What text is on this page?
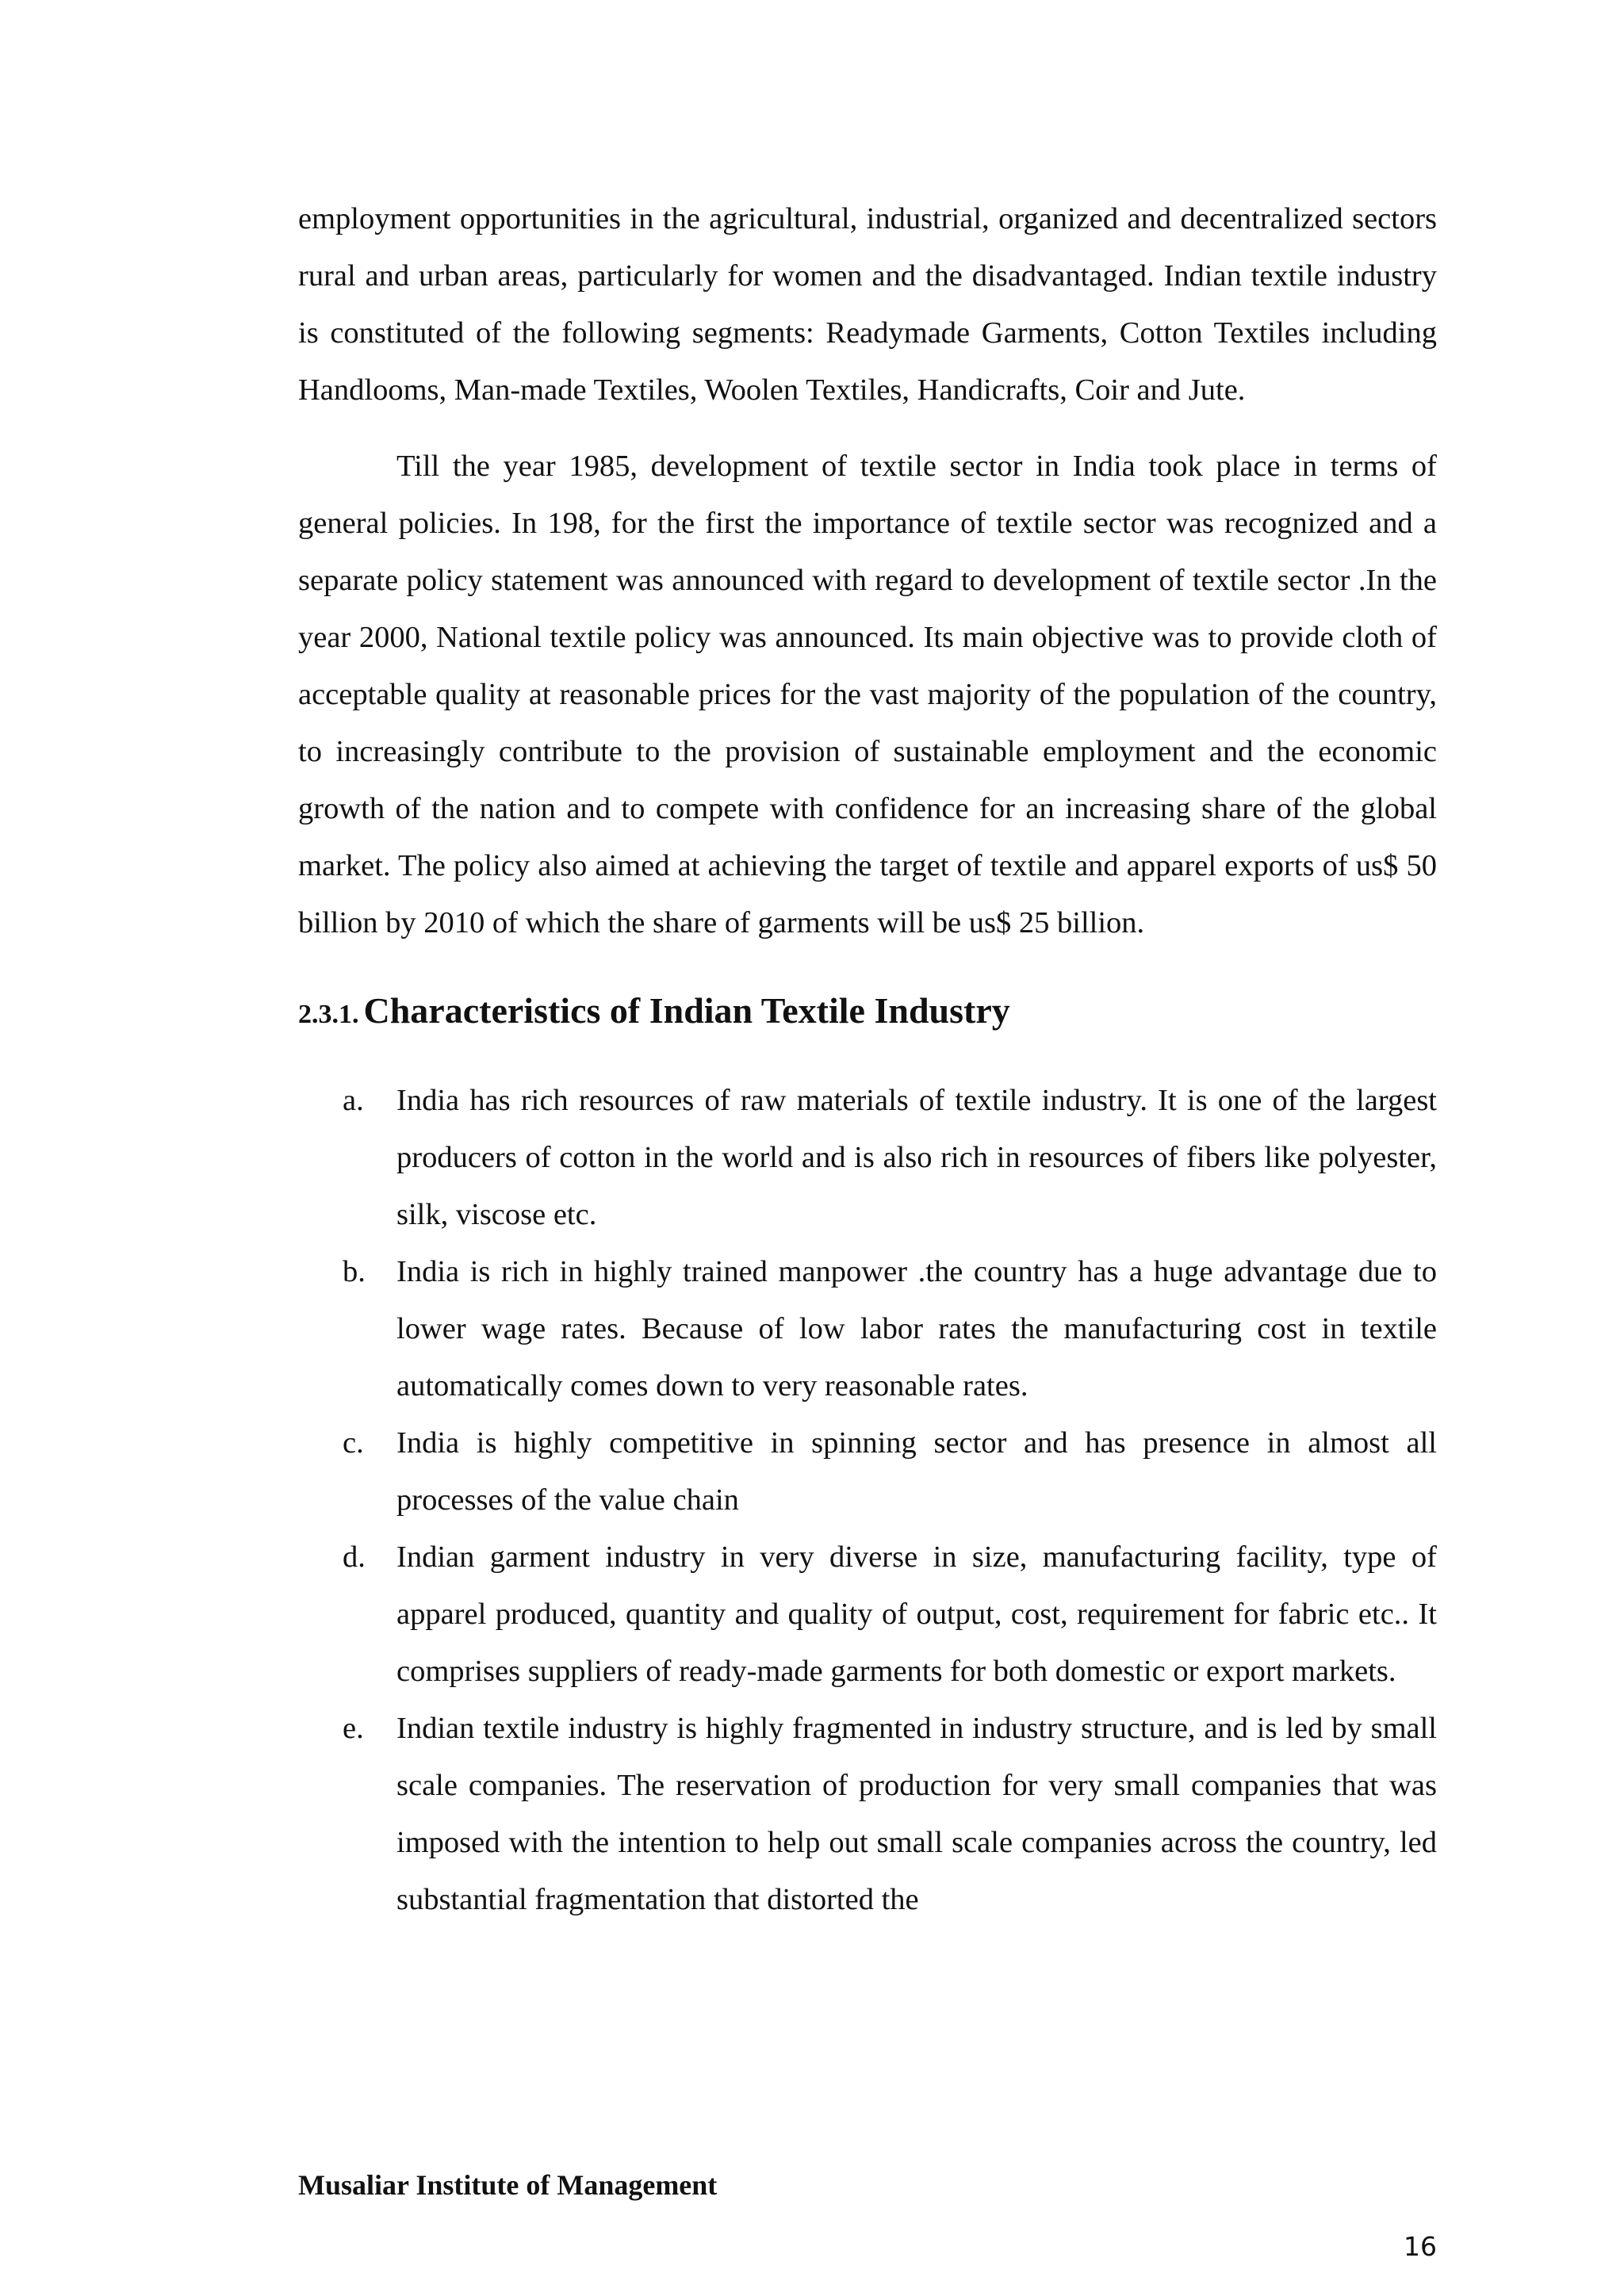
employment opportunities in the agricultural, industrial, organized and decentralized sectors rural and urban areas, particularly for women and the disadvantaged. Indian textile industry is constituted of the following segments: Readymade Garments, Cotton Textiles including Handlooms, Man-made Textiles, Woolen Textiles, Handicrafts, Coir and Jute.

Till the year 1985, development of textile sector in India took place in terms of general policies. In 198, for the first the importance of textile sector was recognized and a separate policy statement was announced with regard to development of textile sector .In the year 2000, National textile policy was announced. Its main objective was to provide cloth of acceptable quality at reasonable prices for the vast majority of the population of the country, to increasingly contribute to the provision of sustainable employment and the economic growth of the nation and to compete with confidence for an increasing share of the global market. The policy also aimed at achieving the target of textile and apparel exports of us$ 50 billion by 2010 of which the share of garments will be us$ 25 billion.

2.3.1. Characteristics of Indian Textile Industry
a. India has rich resources of raw materials of textile industry. It is one of the largest producers of cotton in the world and is also rich in resources of fibers like polyester, silk, viscose etc.
b. India is rich in highly trained manpower .the country has a huge advantage due to lower wage rates. Because of low labor rates the manufacturing cost in textile automatically comes down to very reasonable rates.
c. India is highly competitive in spinning sector and has presence in almost all processes of the value chain
d. Indian garment industry in very diverse in size, manufacturing facility, type of apparel produced, quantity and quality of output, cost, requirement for fabric etc.. It comprises suppliers of ready-made garments for both domestic or export markets.
e. Indian textile industry is highly fragmented in industry structure, and is led by small scale companies. The reservation of production for very small companies that was imposed with the intention to help out small scale companies across the country, led substantial fragmentation that distorted the
Musaliar Institute of Management
16
